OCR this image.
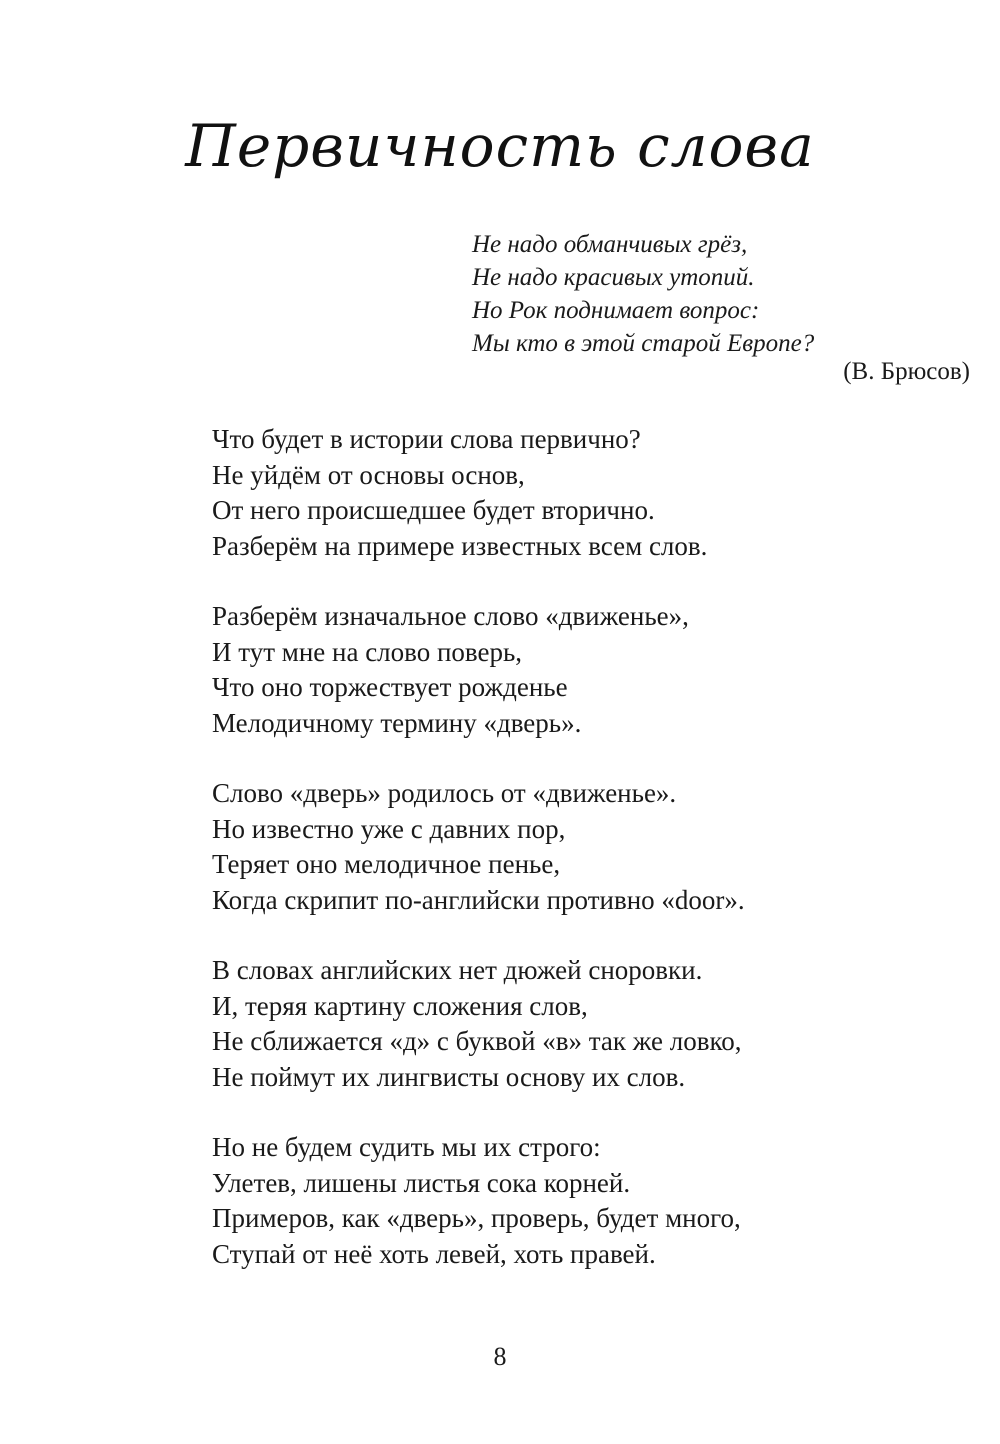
Первичность слова
Не надо обманчивых грёз,
Не надо красивых утопий.
Но Рок поднимает вопрос:
Мы кто в этой старой Европе?
(В. Брюсов)
Что будет в истории слова первично?
Не уйдём от основы основ,
От него происшедшее будет вторично.
Разберём на примере известных всем слов.
Разберём изначальное слово «движенье»,
И тут мне на слово поверь,
Что оно торжествует рожденье
Мелодичному термину «дверь».
Слово «дверь» родилось от «движенье».
Но известно уже с давних пор,
Теряет оно мелодичное пенье,
Когда скрипит по-английски противно «door».
В словах английских нет дюжей сноровки.
И, теряя картину сложения слов,
Не сближается «д» с буквой «в» так же ловко,
Не поймут их лингвисты основу их слов.
Но не будем судить мы их строго:
Улетев, лишены листья сока корней.
Примеров, как «дверь», проверь, будет много,
Ступай от неё хоть левей, хоть правей.
8
